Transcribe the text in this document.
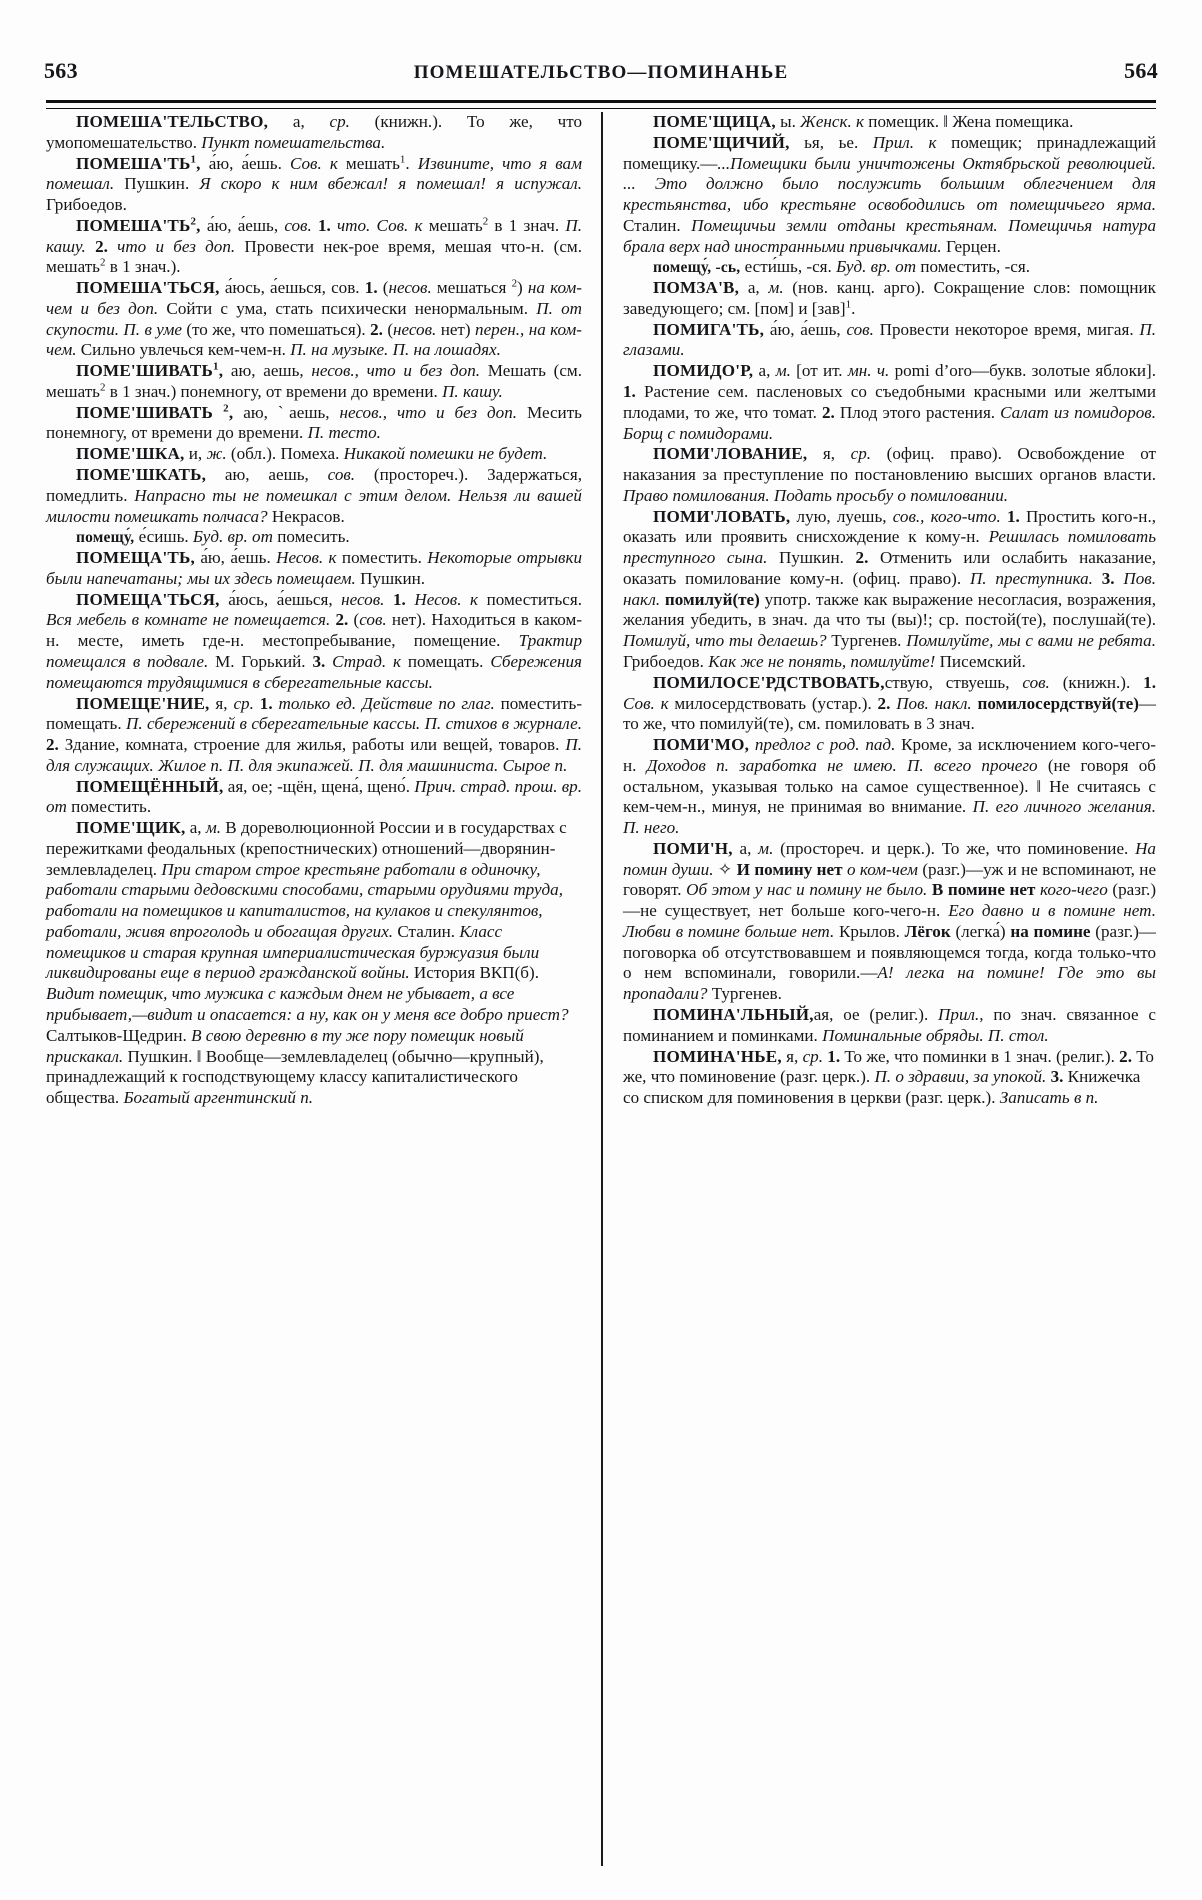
563	ПОМЕШАТЕЛЬСТВО—ПОМИНАНЬЕ	564

ПОМЕША'ТЕЛЬСТВО, а, ср. (книжн.). То же, что умопомешательство. Пункт помешательства.

$ПОМЕША'ТЬ^1$, а́ю, а́ешь. Сов. к мешать$^1$. Извините, что я вам помешал. Пушкин. Я скоро к ним вбежал! я помешал! я испужал. Грибоедов.

$ПОМЕША'ТЬ^2$, а́ю, а́ешь, сов. 1. что. Сов. к мешать$^2$ в 1 знач. П. кашу. 2. что и без доп. Провести нек-рое время, мешая что-н. (см. мешать$^2$ в 1 знач.).

ПОМЕША'ТЬСЯ, а́юсь, а́ешься, сов. 1. (несов. мешаться $^2$) на ком-чем и без доп. Сойти с ума, стать психически ненормальным. П. от скупости. П. в уме (то же, что помешаться). 2. (несов. нет) перен., на ком-чем. Сильно увлечься кем-чем-н. П. на музыке. П. на лошадях.

ПОМЕ'ШИВАТЬ$^1$, аю, аешь, несов., что и без доп. Мешать (см. мешать$^2$ в 1 знач.) понемногу, от времени до времени. П. кашу.

ПОМЕ'ШИВАТЬ $^2$, аю, ˋаешь, несов., что и без доп. Месить понемногу, от времени до времени. П. тесто.

ПОМЕ'ШКА, и, ж. (обл.). Помеха. Никакой помешки не будет.

ПОМЕ'ШКАТЬ, аю, аешь, сов. (простореч.). Задержаться, помедлить. Напрасно ты не помешкал с этим делом. Нельзя ли вашей милости помешкать полчаса? Некрасов.

помещу́, е́сишь. Буд. вр. от помесить.

ПОМЕЩА'ТЬ, а́ю, а́ешь. Несов. к поместить. Некоторые отрывки были напечатаны; мы их здесь помещаем. Пушкин.

ПОМЕЩА'ТЬСЯ, а́юсь, а́ешься, несов. 1. Несов. к поместиться. Вся мебель в комнате не помещается. 2. (сов. нет). Находиться в каком-н. месте, иметь где-н. местопребывание, помещение. Трактир помещался в подвале. М. Горький. 3. Страд. к помещать. Сбережения помещаются трудящимися в сберегательные кассы.

ПОМЕЩЕ'НИЕ, я, ср. 1. только ед. Действие по глаг. поместить-помещать. П. сбережений в сберегательные кассы. П. стихов в журнале. 2. Здание, комната, строение для жилья, работы или вещей, товаров. П. для служащих. Жилое п. П. для экипажей. П. для машиниста. Сырое п.

ПОМЕЩЁННЫЙ, ая, ое; -щён, щена́, щено́. Прич. страд. прош. вр. от поместить.

ПОМЕ'ЩИК, а, м. В дореволюционной России и в государствах с пережитками феодальных (крепостнических) отношений—дворянин-землевладелец. При старом строе крестьяне работали в одиночку, работали старыми дедовскими способами, старыми орудиями труда, работали на помещиков и капиталистов, на кулаков и спекулянтов, работали, живя впроголодь и обогащая других. Сталин. Класс помещиков и старая крупная империалистическая буржуазия были ликвидированы еще в период гражданской войны. История ВКП(б). Видит помещик, что мужика с каждым днем не убывает, а все прибывает,—видит и опасается: а ну, как он у меня все добро приест? Салтыков-Щедрин. В свою деревню в ту же пору помещик новый прискакал. Пушкин. ‖ Вообще—землевладелец (обычно—крупный), принадлежащий к господствующему классу капиталистического общества. Богатый аргентинский п.

ПОМЕ'ЩИЦА, ы. Женск. к помещик. ‖ Жена помещика.

ПОМЕ'ЩИЧИЙ, ья, ье. Прил. к помещик; принадлежащий помещику.—...Помещики были уничтожены Октябрьской революцией. ... Это должно было послужить большим облегчением для крестьянства, ибо крестьяне освободились от помещичьего ярма. Сталин. Помещичьи земли отданы крестьянам. Помещичья натура брала верх над иностранными привычками. Герцен.

помещу́, -сь, ести́шь, -ся. Буд. вр. от поместить, -ся.

ПОМЗА'В, а, м. (нов. канц. арго). Сокращение слов: помощник заведующего; см. [пом] и [зав]$^1$.

ПОМИГА'ТЬ, а́ю, а́ешь, сов. Провести некоторое время, мигая. П. глазами.

ПОМИДО'Р, а, м. [от ит. мн. ч. pomi d’oro—букв. золотые яблоки]. 1. Растение сем. пасленовых со съедобными красными или желтыми плодами, то же, что томат. 2. Плод этого растения. Салат из помидоров. Борщ с помидорами.

ПОМИ'ЛОВАНИЕ, я, ср. (офиц. право). Освобождение от наказания за преступление по постановлению высших органов власти. Право помилования. Подать просьбу о помиловании.

ПОМИ'ЛОВАТЬ, лую, луешь, сов., кого-что. 1. Простить кого-н., оказать или проявить снисхождение к кому-н. Решилась помиловать преступного сына. Пушкин. 2. Отменить или ослабить наказание, оказать помилование кому-н. (офиц. право). П. преступника. 3. Пов. накл. помилуй(те) употр. также как выражение несогласия, возражения, желания убедить, в знач. да что ты (вы)!; ср. постой(те), послушай(те). Помилуй, что ты делаешь? Тургенев. Помилуйте, мы с вами не ребята. Грибоедов. Как же не понять, помилуйте! Писемский.

ПОМИЛОСЕ'РДСТВОВАТЬ,ствую, ствуешь, сов. (книжн.). 1. Сов. к милосердствовать (устар.). 2. Пов. накл. помилосердствуй(те)—то же, что помилуй(те), см. помиловать в 3 знач.

ПОМИ'МО, предлог с род. пад. Кроме, за исключением кого-чего-н. Доходов п. заработка не имею. П. всего прочего (не говоря об остальном, указывая только на самое существенное). ‖ Не считаясь с кем-чем-н., минуя, не принимая во внимание. П. его личного желания. П. него.

ПОМИ'Н, а, м. (простореч. и церк.). То же, что поминовение. На помин души. ✧ И помину нет о ком-чем (разг.)—уж и не вспоминают, не говорят. Об этом у нас и помину не было. В помине нет кого-чего (разг.)—не существует, нет больше кого-чего-н. Его давно и в помине нет. Любви в помине больше нет. Крылов. Лёгок (легка́) на помине (разг.)—поговорка об отсутствовавшем и появляющемся тогда, когда только-что о нем вспоминали, говорили.—А! легка на помине! Где это вы пропадали? Тургенев.

ПОМИНА'ЛЬНЫЙ,ая, ое (религ.). Прил., по знач. связанное с поминанием и поминками. Поминальные обряды. П. стол.

ПОМИНА'НЬЕ, я, ср. 1. То же, что поминки в 1 знач. (религ.). 2. То же, что поминовение (разг. церк.). П. о здравии, за упокой. 3. Книжечка со списком для поминовения в церкви (разг. церк.). Записать в п.
